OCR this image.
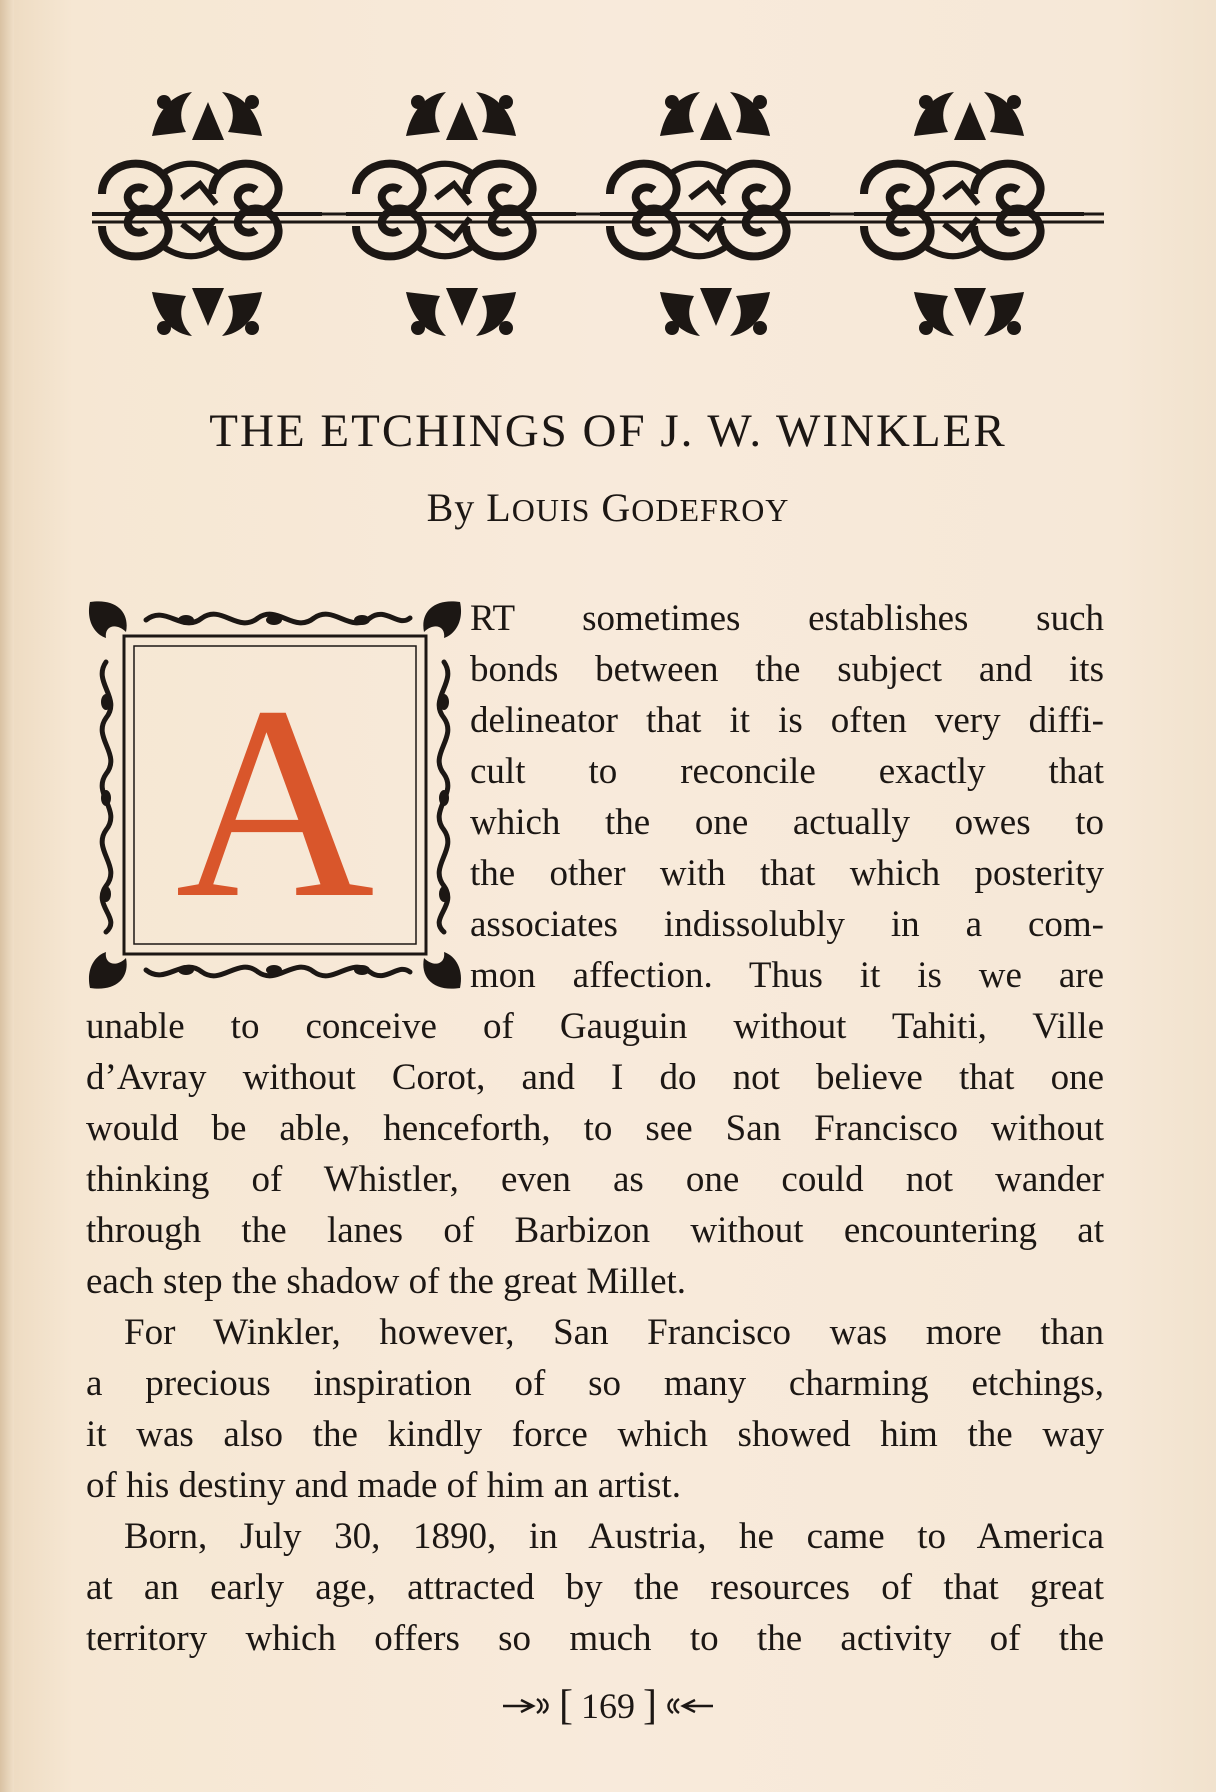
THE ETCHINGS OF J. W. WINKLER

By LOUIS GODEFROY

A

RT sometimes establishes such

bonds between the subject and its

delineator that it is often very diffi-

cult to reconcile exactly that

which the one actually owes to

the other with that which posterity

associates indissolubly in a com-

mon affection. Thus it is we are

unable to conceive of Gauguin without Tahiti, Ville

d’Avray without Corot, and I do not believe that one

would be able, henceforth, to see San Francisco without

thinking of Whistler, even as one could not wander

through the lanes of Barbizon without encountering at

each step the shadow of the great Millet.

For Winkler, however, San Francisco was more than

a precious inspiration of so many charming etchings,

it was also the kindly force which showed him the way

of his destiny and made of him an artist.

Born, July 30, 1890, in Austria, he came to America

at an early age, attracted by the resources of that great

territory which offers so much to the activity of the

[ 169 ]
